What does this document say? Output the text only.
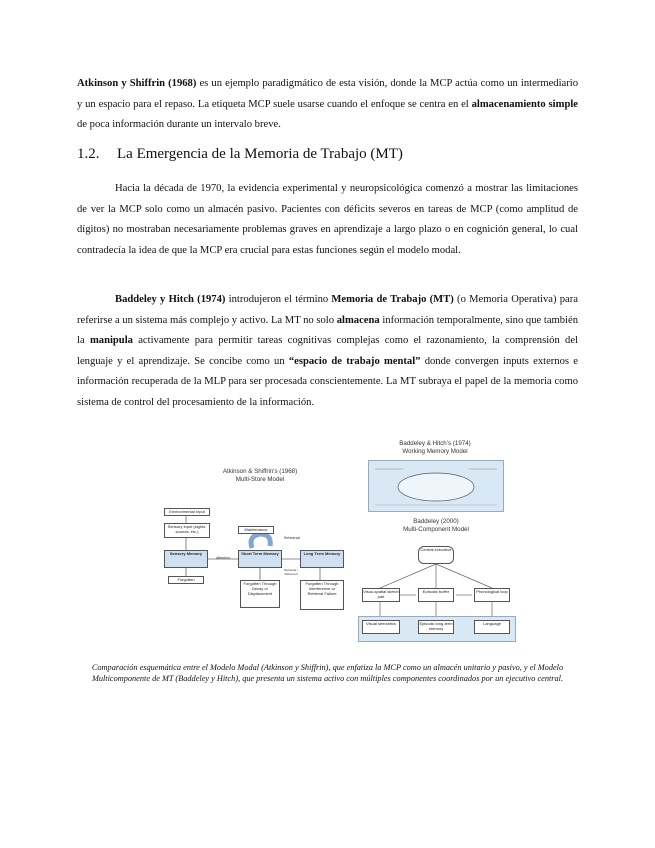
Atkinson y Shiffrin (1968) es un ejemplo paradigmático de esta visión, donde la MCP actúa como un intermediario y un espacio para el repaso. La etiqueta MCP suele usarse cuando el enfoque se centra en el almacenamiento simple de poca información durante un intervalo breve.

1.2. La Emergencia de la Memoria de Trabajo (MT)

Hacia la década de 1970, la evidencia experimental y neuropsicológica comenzó a mostrar las limitaciones de ver la MCP solo como un almacén pasivo. Pacientes con déficits severos en tareas de MCP (como amplitud de dígitos) no mostraban necesariamente problemas graves en aprendizaje a largo plazo o en cognición general, lo cual contradecía la idea de que la MCP era crucial para estas funciones según el modelo modal.

Baddeley y Hitch (1974) introdujeron el término Memoria de Trabajo (MT) (o Memoria Operativa) para referirse a un sistema más complejo y activo. La MT no solo almacena información temporalmente, sino que también la manipula activamente para permitir tareas cognitivas complejas como el razonamiento, la comprensión del lenguaje y el aprendizaje. Se concibe como un “espacio de trabajo mental” donde convergen inputs externos e información recuperada de la MLP para ser procesada conscientemente. La MT subraya el papel de la memoria como sistema de control del procesamiento de la información.

Atkinson & Shiffrin's (1968)
Multi-Store Model
Environmental Input
Sensory Input (sights, sounds, etc.)
Sensory Memory	Short Term Memory	Long Term Memory
Maintenance
Forgotten
Forgotten Through Decay or Displacement
Forgotten Through Interference or Retrieval Failure
Attention
Rehearsal
Retrieval / Retrieved
Baddeley & Hitch’s (1974)
Working Memory Model
Baddeley (2000)
Multi-Component Model
Central executive
Visuo-spatial sketch pad
Episodic buffer	Phonological loop
Visual semantics	Episodic long-term memory
Language

Comparación esquemática entre el Modelo Modal (Atkinson y Shiffrin), que enfatiza la MCP como un almacén unitario y pasivo, y el Modelo Multicomponente de MT (Baddeley y Hitch), que presenta un sistema activo con múltiples componentes coordinados por un ejecutivo central.
